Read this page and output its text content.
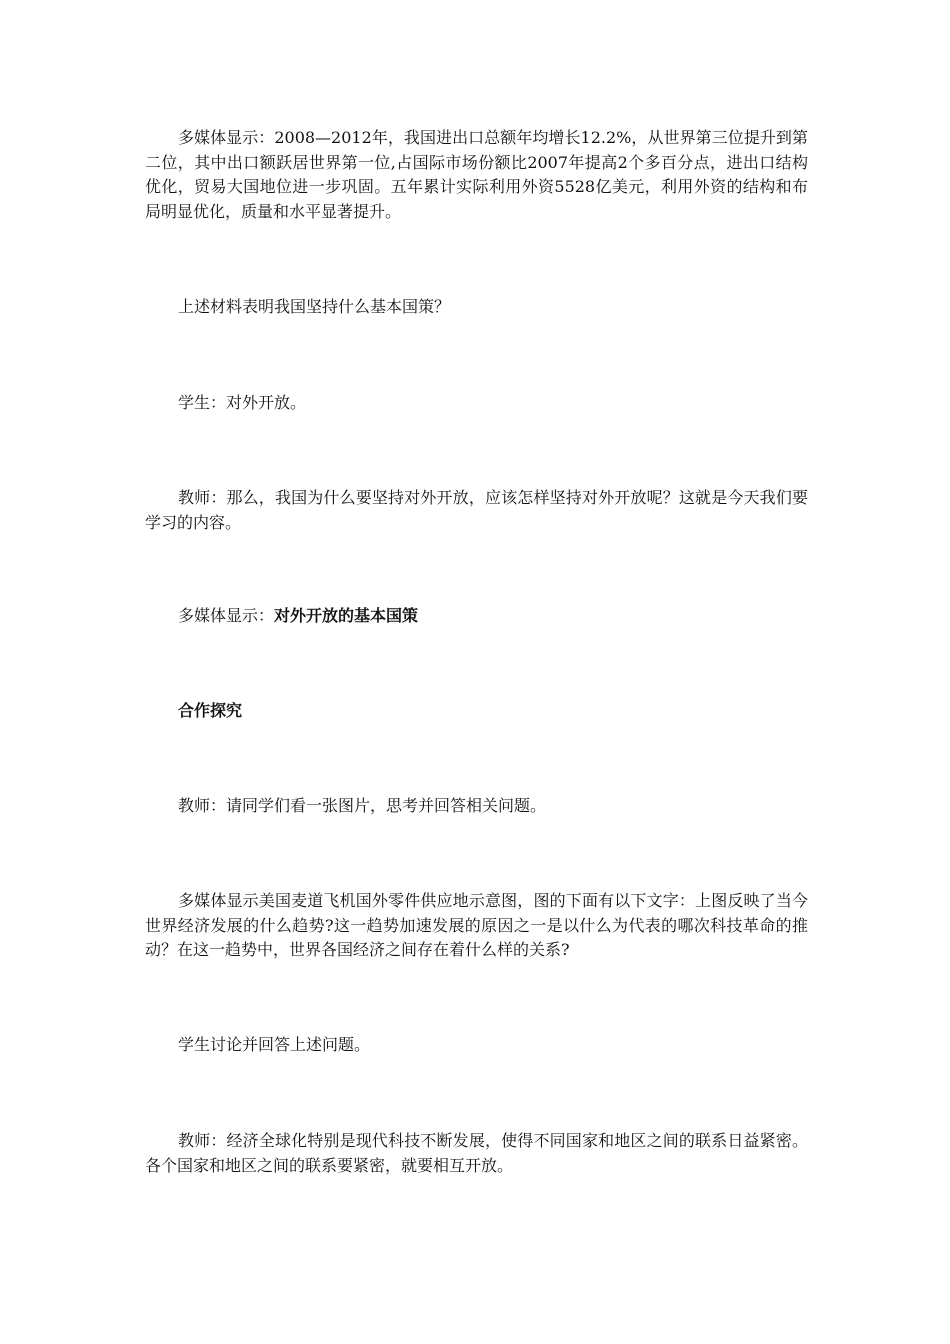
多媒体显示：2008—2012年，我国进出口总额年均增长12.2%，从世界第三位提升到第二位，其中出口额跃居世界第一位,占国际市场份额比2007年提高2个多百分点，进出口结构优化，贸易大国地位进一步巩固。五年累计实际利用外资5528亿美元，利用外资的结构和布局明显优化，质量和水平显著提升。

上述材料表明我国坚持什么基本国策？

学生：对外开放。

教师：那么，我国为什么要坚持对外开放，应该怎样坚持对外开放呢？这就是今天我们要学习的内容。

多媒体显示：对外开放的基本国策

合作探究

教师：请同学们看一张图片，思考并回答相关问题。

多媒体显示美国麦道飞机国外零件供应地示意图，图的下面有以下文字：上图反映了当今世界经济发展的什么趋势?这一趋势加速发展的原因之一是以什么为代表的哪次科技革命的推动？在这一趋势中，世界各国经济之间存在着什么样的关系?

学生讨论并回答上述问题。

教师：经济全球化特别是现代科技不断发展，使得不同国家和地区之间的联系日益紧密。各个国家和地区之间的联系要紧密，就要相互开放。
